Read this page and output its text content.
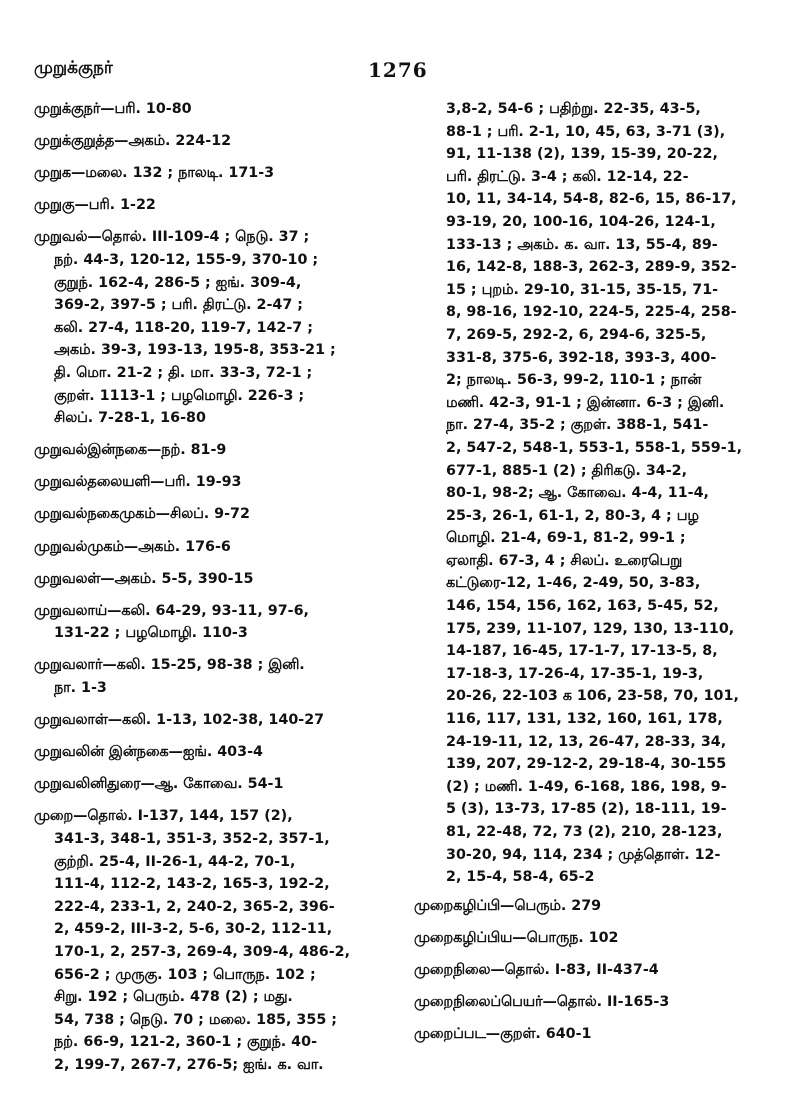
முறுக்குநர்	1276
முறுக்குநர்—பரி. 10-80
முறுக்குறுத்த—அகம். 224-12
முறுக—மலை. 132 ; நாலடி. 171-3
முறுகு—பரி. 1-22
முறுவல்—தொல். III-109-4 ; நெடு. 37 ;
நற். 44-3, 120-12, 155-9, 370-10 ;
குறுந். 162-4, 286-5 ; ஐங். 309-4,
369-2, 397-5 ; பரி. திரட்டு. 2-47 ;
கலி. 27-4, 118-20, 119-7, 142-7 ;
அகம். 39-3, 193-13, 195-8, 353-21 ;
தி. மொ. 21-2 ; தி. மா. 33-3, 72-1 ;
குறள். 1113-1 ; பழமொழி. 226-3 ;
சிலப். 7-28-1, 16-80
முறுவல்இன்நகை—நற். 81-9
முறுவல்தலையளி—பரி. 19-93
முறுவல்நகைமுகம்—சிலப். 9-72
முறுவல்முகம்—அகம். 176-6
முறுவலள்—அகம். 5-5, 390-15
முறுவலாய்—கலி. 64-29, 93-11, 97-6,
131-22 ; பழமொழி. 110-3
முறுவலார்—கலி. 15-25, 98-38 ; இனி.
நா. 1-3
முறுவலாள்—கலி. 1-13, 102-38, 140-27
முறுவலின் இன்நகை—ஐங். 403-4
முறுவலினிதுரை—ஆ. கோவை. 54-1
முறை—தொல். I-137, 144, 157 (2),
341-3, 348-1, 351-3, 352-2, 357-1,
குற்றி. 25-4, II-26-1, 44-2, 70-1,
111-4, 112-2, 143-2, 165-3, 192-2,
222-4, 233-1, 2, 240-2, 365-2, 396-
2, 459-2, III-3-2, 5-6, 30-2, 112-11,
170-1, 2, 257-3, 269-4, 309-4, 486-2,
656-2 ; முருகு. 103 ; பொருந. 102 ;
சிறு. 192 ; பெரும். 478 (2) ; மது.
54, 738 ; நெடு. 70 ; மலை. 185, 355 ;
நற். 66-9, 121-2, 360-1 ; குறுந். 40-
2, 199-7, 267-7, 276-5; ஐங். க. வா.
3,8-2, 54-6 ; பதிற்று. 22-35, 43-5,
88-1 ; பரி. 2-1, 10, 45, 63, 3-71 (3),
91, 11-138 (2), 139, 15-39, 20-22,
பரி. திரட்டு. 3-4 ; கலி. 12-14, 22-
10, 11, 34-14, 54-8, 82-6, 15, 86-17,
93-19, 20, 100-16, 104-26, 124-1,
133-13 ; அகம். க. வா. 13, 55-4, 89-
16, 142-8, 188-3, 262-3, 289-9, 352-
15 ; புறம். 29-10, 31-15, 35-15, 71-
8, 98-16, 192-10, 224-5, 225-4, 258-
7, 269-5, 292-2, 6, 294-6, 325-5,
331-8, 375-6, 392-18, 393-3, 400-
2; நாலடி. 56-3, 99-2, 110-1 ; நான்
மணி. 42-3, 91-1 ; இன்னா. 6-3 ; இனி.
நா. 27-4, 35-2 ; குறள். 388-1, 541-
2, 547-2, 548-1, 553-1, 558-1, 559-1,
677-1, 885-1 (2) ; திரிகடு. 34-2,
80-1, 98-2; ஆ. கோவை. 4-4, 11-4,
25-3, 26-1, 61-1, 2, 80-3, 4 ; பழ
மொழி. 21-4, 69-1, 81-2, 99-1 ;
ஏலாதி. 67-3, 4 ; சிலப். உரைபெறு
கட்டுரை-12, 1-46, 2-49, 50, 3-83,
146, 154, 156, 162, 163, 5-45, 52,
175, 239, 11-107, 129, 130, 13-110,
14-187, 16-45, 17-1-7, 17-13-5, 8,
17-18-3, 17-26-4, 17-35-1, 19-3,
20-26, 22-103 க 106, 23-58, 70, 101,
116, 117, 131, 132, 160, 161, 178,
24-19-11, 12, 13, 26-47, 28-33, 34,
139, 207, 29-12-2, 29-18-4, 30-155
(2) ; மணி. 1-49, 6-168, 186, 198, 9-
5 (3), 13-73, 17-85 (2), 18-111, 19-
81, 22-48, 72, 73 (2), 210, 28-123,
30-20, 94, 114, 234 ; முத்தொள். 12-
2, 15-4, 58-4, 65-2
முறைகழிப்பி—பெரும். 279
முறைகழிப்பிய—பொருந. 102
முறைநிலை—தொல். I-83, II-437-4
முறைநிலைப்பெயர்—தொல். II-165-3
முறைப்பட—குறள். 640-1
